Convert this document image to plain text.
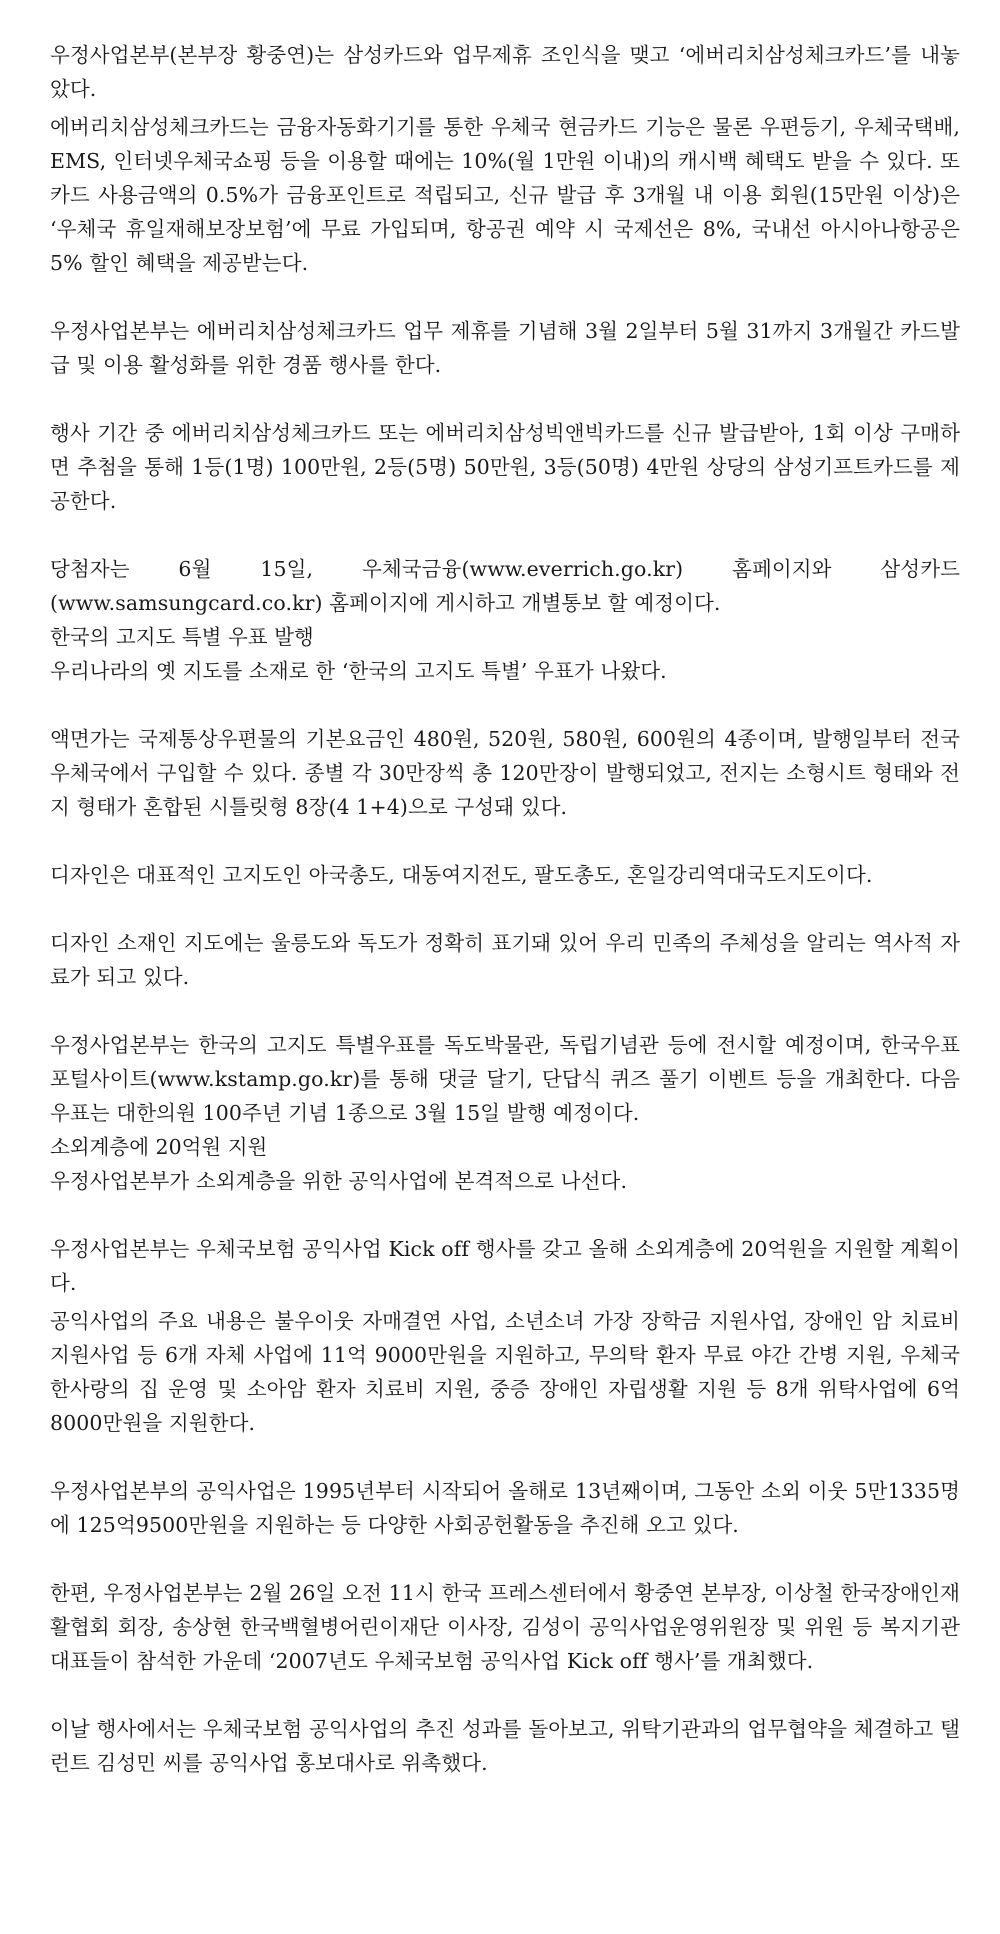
우정사업본부(본부장 황중연)는 삼성카드와 업무제휴 조인식을 맺고 ‘에버리치삼성체크카드’를 내놓았다.

에버리치삼성체크카드는 금융자동화기기를 통한 우체국 현금카드 기능은 물론 우편등기, 우체국택배, EMS, 인터넷우체국쇼핑 등을 이용할 때에는 10%(월 1만원 이내)의 캐시백 혜택도 받을 수 있다. 또 카드 사용금액의 0.5%가 금융포인트로 적립되고, 신규 발급 후 3개월 내 이용 회원(15만원 이상)은 ‘우체국 휴일재해보장보험’에 무료 가입되며, 항공권 예약 시 국제선은 8%, 국내선 아시아나항공은 5% 할인 혜택을 제공받는다.

우정사업본부는 에버리치삼성체크카드 업무 제휴를 기념해 3월 2일부터 5월 31까지 3개월간 카드발급 및 이용 활성화를 위한 경품 행사를 한다.

행사 기간 중 에버리치삼성체크카드 또는 에버리치삼성빅앤빅카드를 신규 발급받아, 1회 이상 구매하면 추첨을 통해 1등(1명) 100만원, 2등(5명) 50만원, 3등(50명) 4만원 상당의 삼성기프트카드를 제공한다.

당첨자는 6월 15일, 우체국금융(www.everrich.go.kr) 홈페이지와 삼성카드(www.samsungcard.co.kr) 홈페이지에 게시하고 개별통보 할 예정이다.

한국의 고지도 특별 우표 발행

우리나라의 옛 지도를 소재로 한 ‘한국의 고지도 특별’ 우표가 나왔다.

액면가는 국제통상우편물의 기본요금인 480원, 520원, 580원, 600원의 4종이며, 발행일부터 전국 우체국에서 구입할 수 있다. 종별 각 30만장씩 총 120만장이 발행되었고, 전지는 소형시트 형태와 전지 형태가 혼합된 시틀릿형 8장(4 1+4)으로 구성돼 있다.

디자인은 대표적인 고지도인 아국총도, 대동여지전도, 팔도총도, 혼일강리역대국도지도이다.

디자인 소재인 지도에는 울릉도와 독도가 정확히 표기돼 있어 우리 민족의 주체성을 알리는 역사적 자료가 되고 있다.

우정사업본부는 한국의 고지도 특별우표를 독도박물관, 독립기념관 등에 전시할 예정이며, 한국우표 포털사이트(www.kstamp.go.kr)를 통해 댓글 달기, 단답식 퀴즈 풀기 이벤트 등을 개최한다. 다음 우표는 대한의원 100주년 기념 1종으로 3월 15일 발행 예정이다.

소외계층에 20억원 지원

우정사업본부가 소외계층을 위한 공익사업에 본격적으로 나선다.

우정사업본부는 우체국보험 공익사업 Kick off 행사를 갖고 올해 소외계층에 20억원을 지원할 계획이다.

공익사업의 주요 내용은 불우이웃 자매결연 사업, 소년소녀 가장 장학금 지원사업, 장애인 암 치료비 지원사업 등 6개 자체 사업에 11억 9000만원을 지원하고, 무의탁 환자 무료 야간 간병 지원, 우체국 한사랑의 집 운영 및 소아암 환자 치료비 지원, 중증 장애인 자립생활 지원 등 8개 위탁사업에 6억8000만원을 지원한다.

우정사업본부의 공익사업은 1995년부터 시작되어 올해로 13년째이며, 그동안 소외 이웃 5만1335명에 125억9500만원을 지원하는 등 다양한 사회공헌활동을 추진해 오고 있다.

한편, 우정사업본부는 2월 26일 오전 11시 한국 프레스센터에서 황중연 본부장, 이상철 한국장애인재활협회 회장, 송상현 한국백혈병어린이재단 이사장, 김성이 공익사업운영위원장 및 위원 등 복지기관 대표들이 참석한 가운데 ‘2007년도 우체국보험 공익사업 Kick off 행사’를 개최했다.

이날 행사에서는 우체국보험 공익사업의 추진 성과를 돌아보고, 위탁기관과의 업무협약을 체결하고 탤런트 김성민 씨를 공익사업 홍보대사로 위촉했다.
